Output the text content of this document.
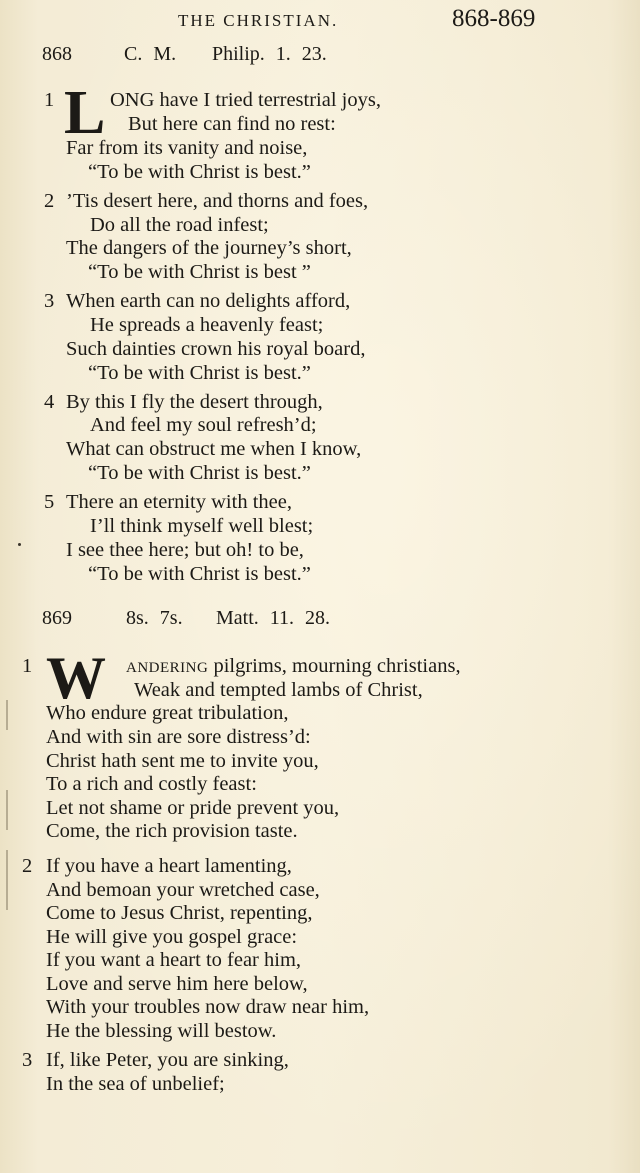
THE CHRISTIAN.	868-869
868	C. M. Philip. 1. 23.
1 L ONG have I tried terrestrial joys,
But here can find no rest:
Far from its vanity and noise,
“To be with Christ is best.”
2 ’Tis desert here, and thorns and foes,
Do all the road infest;
The dangers of the journey’s short,
“To be with Christ is best ”
3 When earth can no delights afford,
He spreads a heavenly feast;
Such dainties crown his royal board,
“To be with Christ is best.”
4 By this I fly the desert through,
And feel my soul refresh’d;
What can obstruct me when I know,
“To be with Christ is best.”
5 There an eternity with thee,
I’ll think myself well blest;
I see thee here; but oh! to be,
“To be with Christ is best.”
869	8s. 7s. Matt. 11. 28.
1 W ANDERING pilgrims, mourning christians,
Weak and tempted lambs of Christ,
Who endure great tribulation,
And with sin are sore distress’d:
Christ hath sent me to invite you,
To a rich and costly feast:
Let not shame or pride prevent you,
Come, the rich provision taste.
2 If you have a heart lamenting,
And bemoan your wretched case,
Come to Jesus Christ, repenting,
He will give you gospel grace:
If you want a heart to fear him,
Love and serve him here below,
With your troubles now draw near him,
He the blessing will bestow.
3 If, like Peter, you are sinking,
In the sea of unbelief;
